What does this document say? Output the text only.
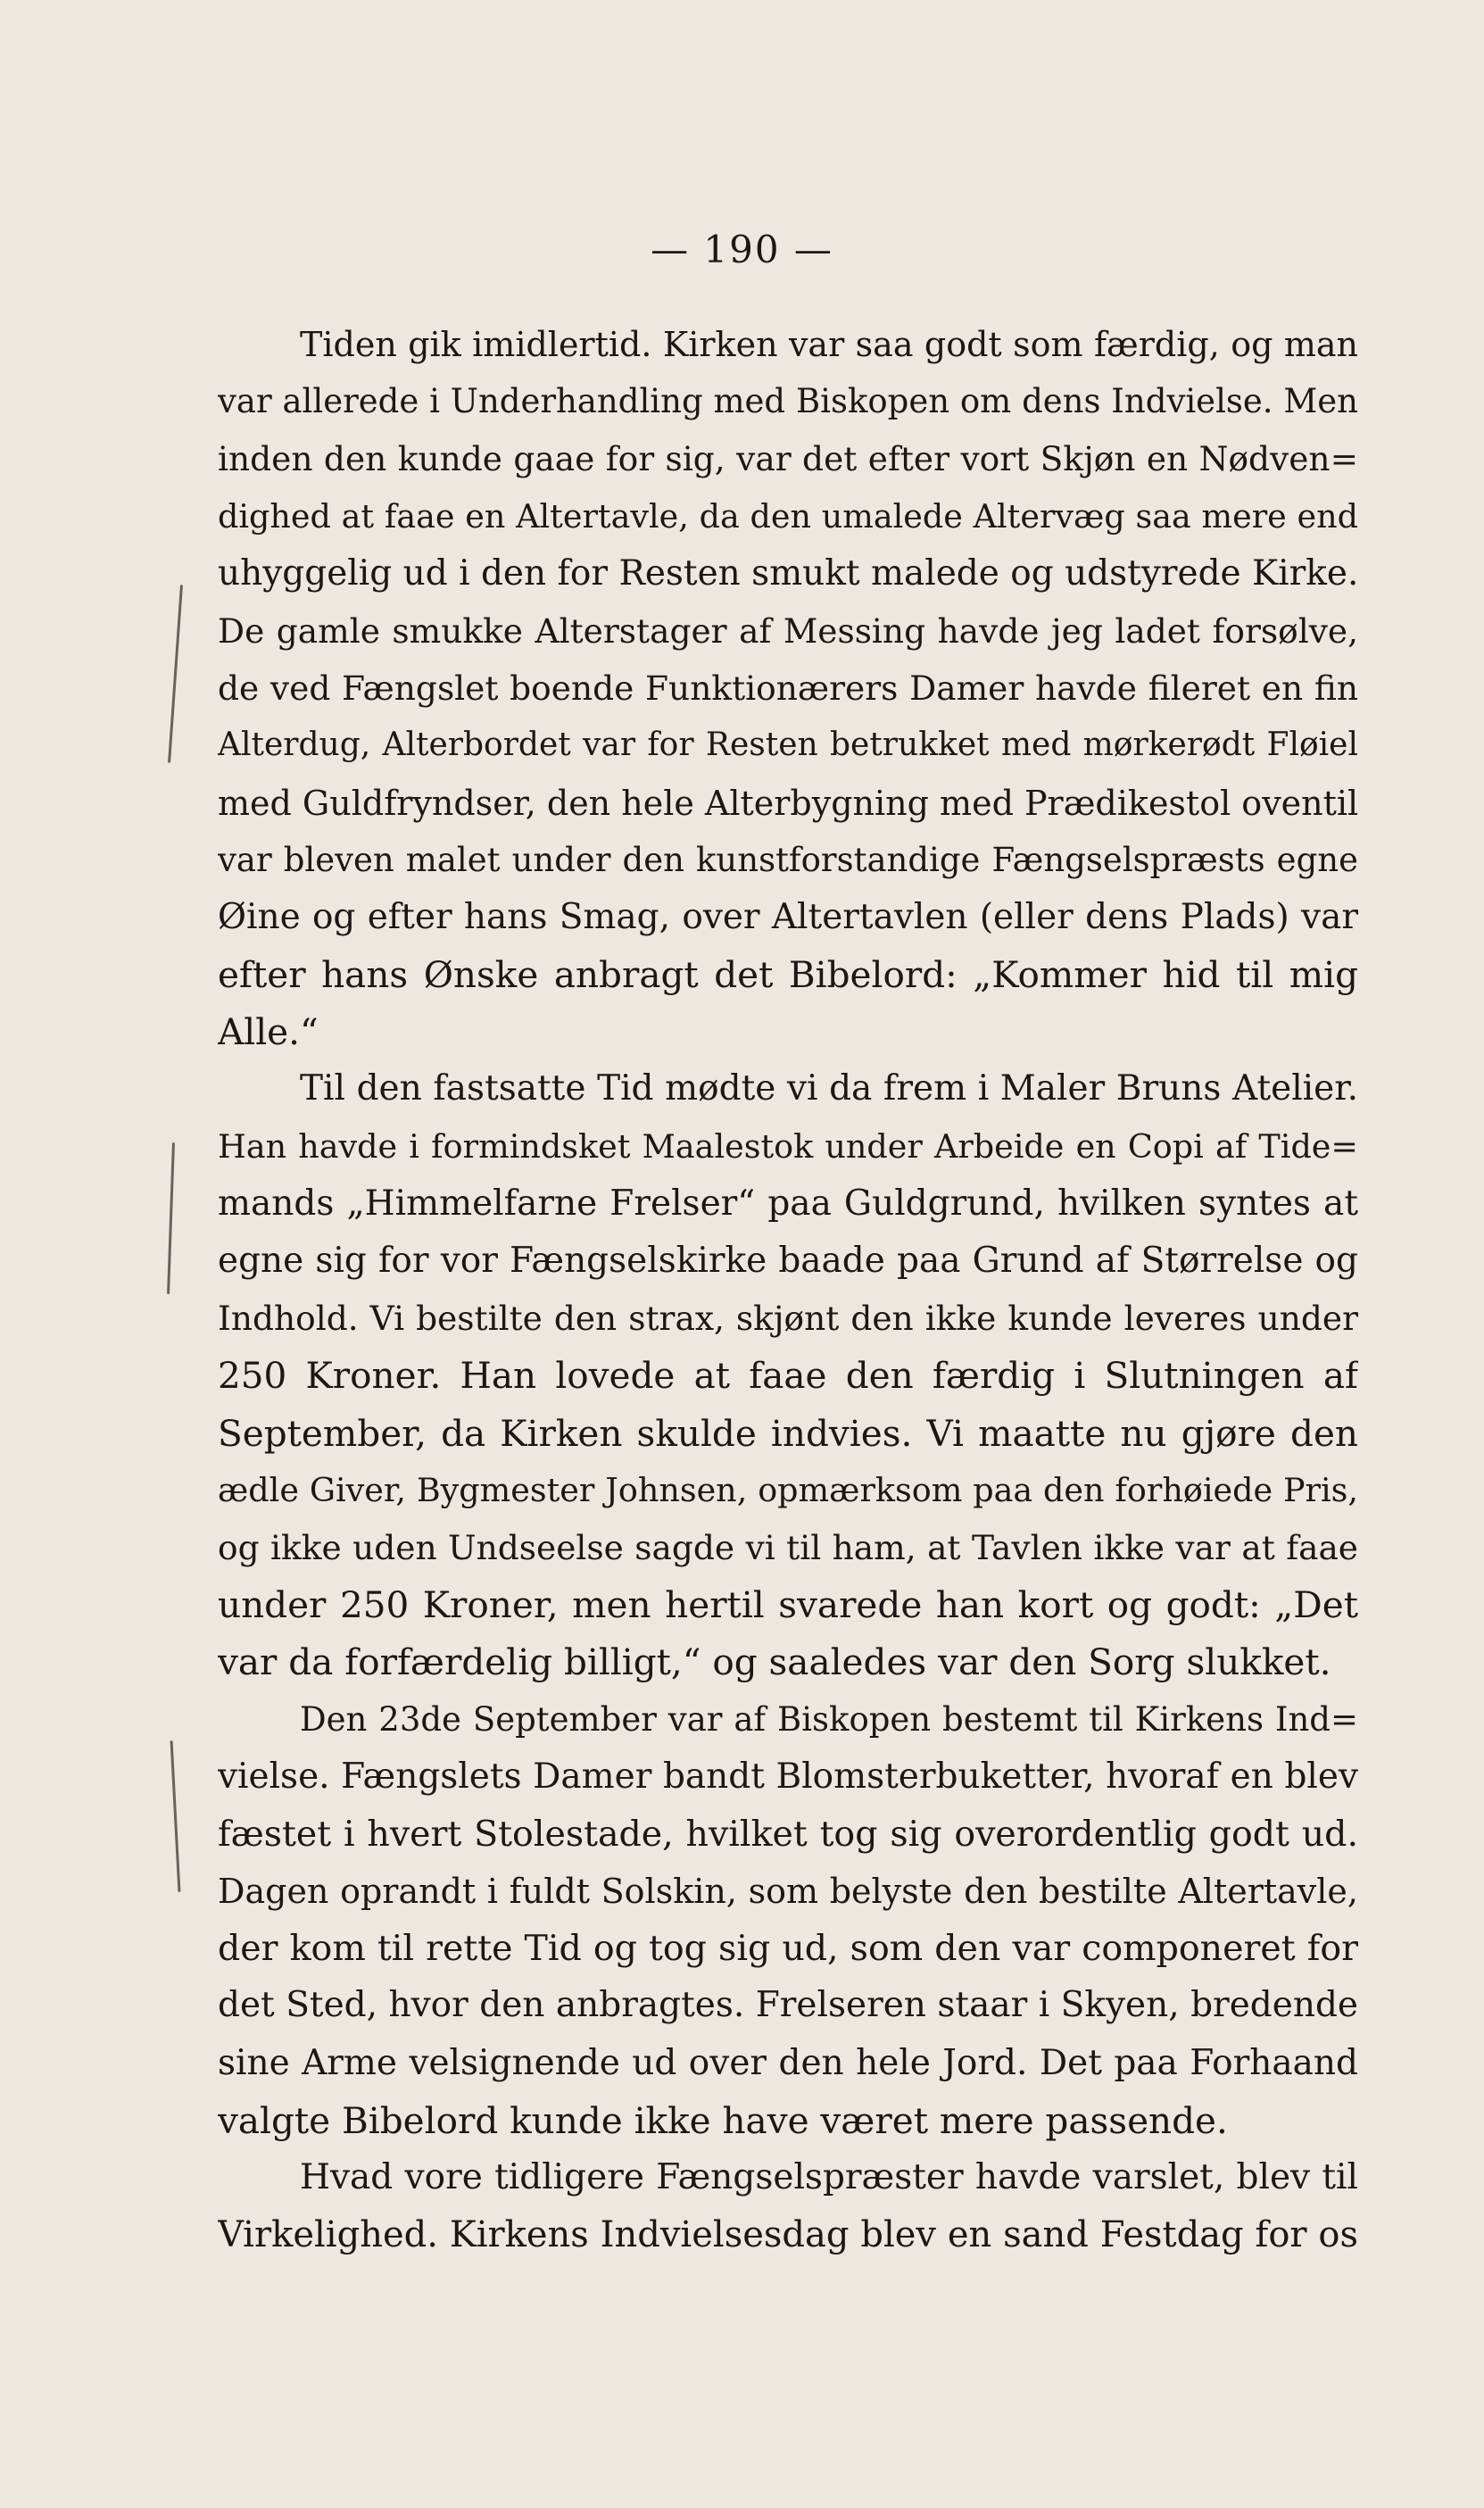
— 190 —
Tiden gik imidlertid. Kirken var saa godt som færdig, og man
var allerede i Underhandling med Biskopen om dens Indvielse. Men
inden den kunde gaae for sig, var det efter vort Skjøn en Nødven=
dighed at faae en Altertavle, da den umalede Altervæg saa mere end
uhyggelig ud i den for Resten smukt malede og udstyrede Kirke.
De gamle smukke Alterstager af Messing havde jeg ladet forsølve,
de ved Fængslet boende Funktionærers Damer havde fileret en fin
Alterdug, Alterbordet var for Resten betrukket med mørkerødt Fløiel
med Guldfryndser, den hele Alterbygning med Prædikestol oventil
var bleven malet under den kunstforstandige Fængselspræsts egne
Øine og efter hans Smag, over Altertavlen (eller dens Plads) var
efter hans Ønske anbragt det Bibelord: „Kommer hid til mig
Alle.“
Til den fastsatte Tid mødte vi da frem i Maler Bruns Atelier.
Han havde i formindsket Maalestok under Arbeide en Copi af Tide=
mands „Himmelfarne Frelser“ paa Guldgrund, hvilken syntes at
egne sig for vor Fængselskirke baade paa Grund af Størrelse og
Indhold. Vi bestilte den strax, skjønt den ikke kunde leveres under
250 Kroner. Han lovede at faae den færdig i Slutningen af
September, da Kirken skulde indvies. Vi maatte nu gjøre den
ædle Giver, Bygmester Johnsen, opmærksom paa den forhøiede Pris,
og ikke uden Undseelse sagde vi til ham, at Tavlen ikke var at faae
under 250 Kroner, men hertil svarede han kort og godt: „Det
var da forfærdelig billigt,“ og saaledes var den Sorg slukket.
Den 23de September var af Biskopen bestemt til Kirkens Ind=
vielse. Fængslets Damer bandt Blomsterbuketter, hvoraf en blev
fæstet i hvert Stolestade, hvilket tog sig overordentlig godt ud.
Dagen oprandt i fuldt Solskin, som belyste den bestilte Altertavle,
der kom til rette Tid og tog sig ud, som den var componeret for
det Sted, hvor den anbragtes. Frelseren staar i Skyen, bredende
sine Arme velsignende ud over den hele Jord. Det paa Forhaand
valgte Bibelord kunde ikke have været mere passende.
Hvad vore tidligere Fængselspræster havde varslet, blev til
Virkelighed. Kirkens Indvielsesdag blev en sand Festdag for os
